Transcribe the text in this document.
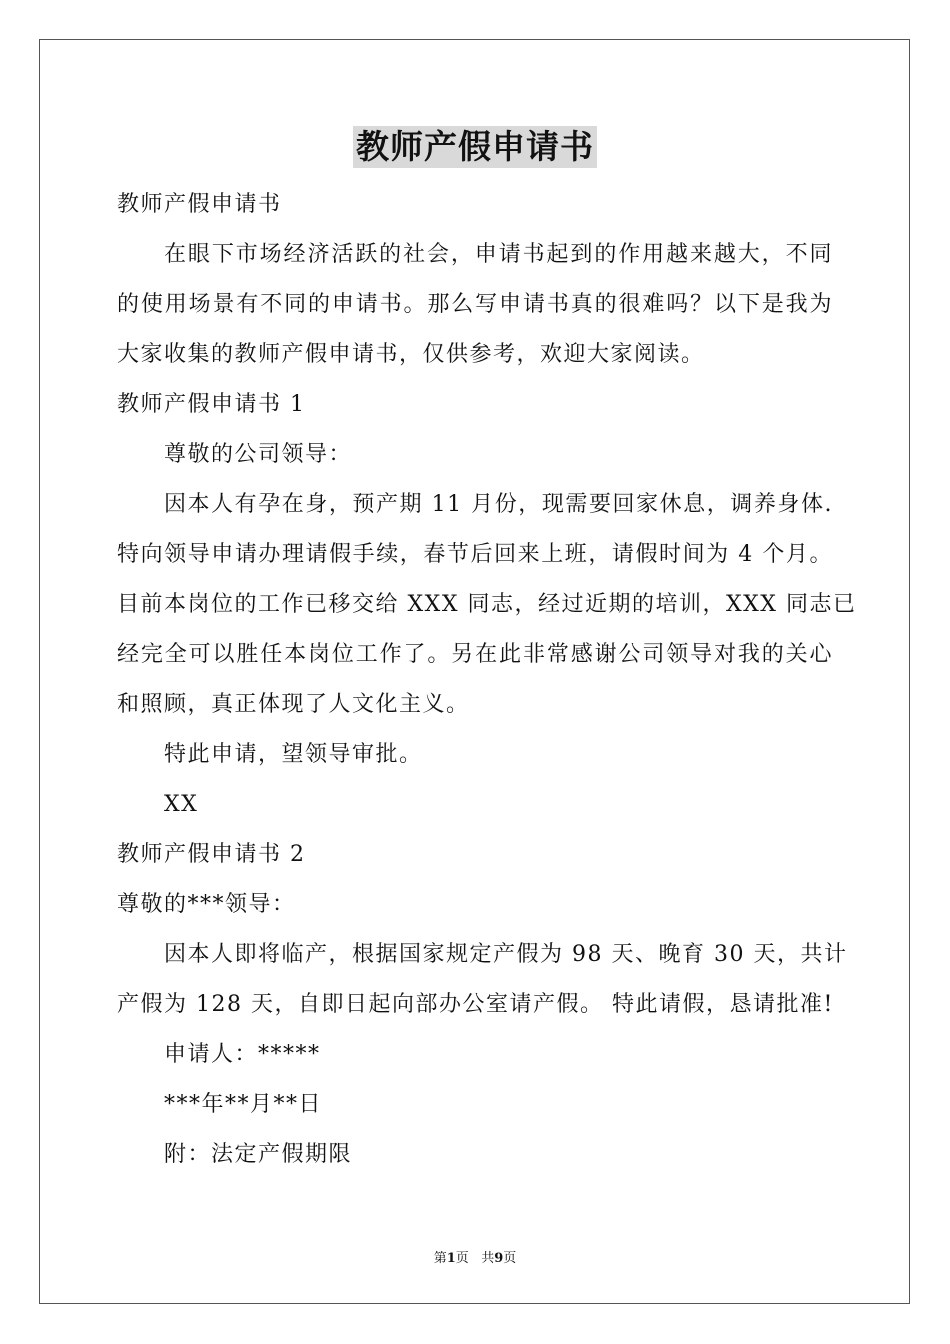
教师产假申请书
教师产假申请书
在眼下市场经济活跃的社会，申请书起到的作用越来越大，不同
的使用场景有不同的申请书。那么写申请书真的很难吗？以下是我为
大家收集的教师产假申请书，仅供参考，欢迎大家阅读。
教师产假申请书 1
尊敬的公司领导：
因本人有孕在身，预产期 11 月份，现需要回家休息，调养身体.
特向领导申请办理请假手续，春节后回来上班，请假时间为 4 个月。
目前本岗位的工作已移交给 XXX 同志，经过近期的培训，XXX 同志已
经完全可以胜任本岗位工作了。另在此非常感谢公司领导对我的关心
和照顾，真正体现了人文化主义。
特此申请，望领导审批。
XX
教师产假申请书 2
尊敬的***领导：
因本人即将临产，根据国家规定产假为 98 天、晚育 30 天，共计
产假为 128 天，自即日起向部办公室请产假。 特此请假，恳请批准!
申请人：*****
***年**月**日
附：法定产假期限
第1页 共9页
